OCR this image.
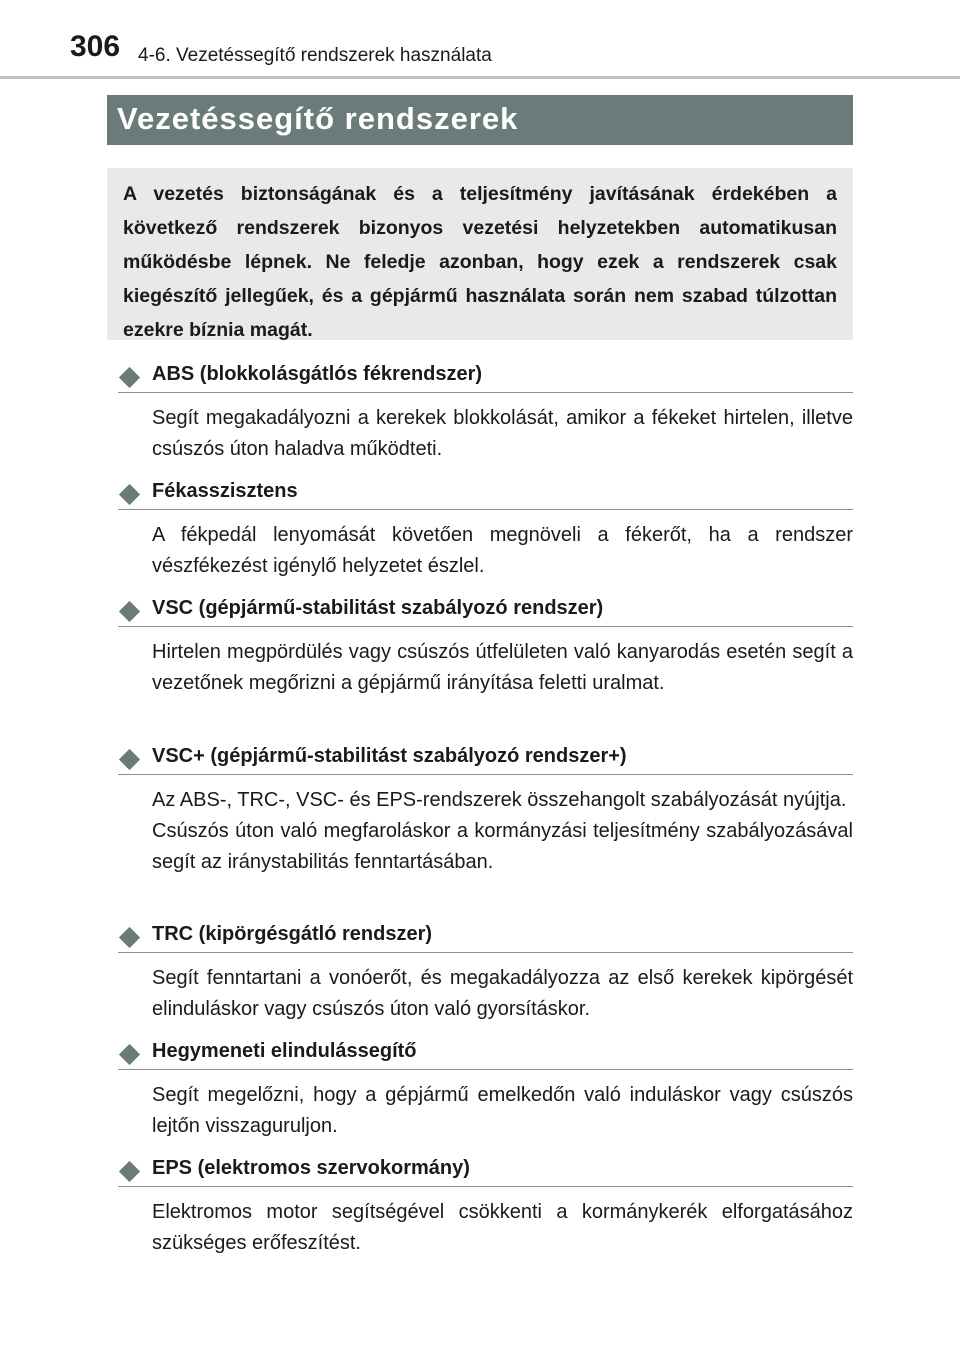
306 4-6. Vezetéssegítő rendszerek használata
Vezetéssegítő rendszerek

A vezetés biztonságának és a teljesítmény javításának érdekében a következő rendszerek bizonyos vezetési helyzetekben automatikusan működésbe lépnek. Ne feledje azonban, hogy ezek a rendszerek csak kiegészítő jellegűek, és a gépjármű használata során nem szabad túlzottan ezekre bíznia magát.

ABS (blokkolásgátlós fékrendszer)

Segít megakadályozni a kerekek blokkolását, amikor a fékeket hirtelen, illetve csúszós úton haladva működteti.

Fékasszisztens

A fékpedál lenyomását követően megnöveli a fékerőt, ha a rendszer vészfékezést igénylő helyzetet észlel.

VSC (gépjármű-stabilitást szabályozó rendszer)

Hirtelen megpördülés vagy csúszós útfelületen való kanyarodás esetén segít a vezetőnek megőrizni a gépjármű irányítása feletti uralmat.

VSC+ (gépjármű-stabilitást szabályozó rendszer+)

Az ABS-, TRC-, VSC- és EPS-rendszerek összehangolt szabályozását nyújtja.

Csúszós úton való megfaroláskor a kormányzási teljesítmény szabályozásával segít az iránystabilitás fenntartásában.

TRC (kipörgésgátló rendszer)

Segít fenntartani a vonóerőt, és megakadályozza az első kerekek kipörgését elinduláskor vagy csúszós úton való gyorsításkor.

Hegymeneti elindulássegítő

Segít megelőzni, hogy a gépjármű emelkedőn való induláskor vagy csúszós lejtőn visszaguruljon.

EPS (elektromos szervokormány)

Elektromos motor segítségével csökkenti a kormánykerék elforgatásához szükséges erőfeszítést.
